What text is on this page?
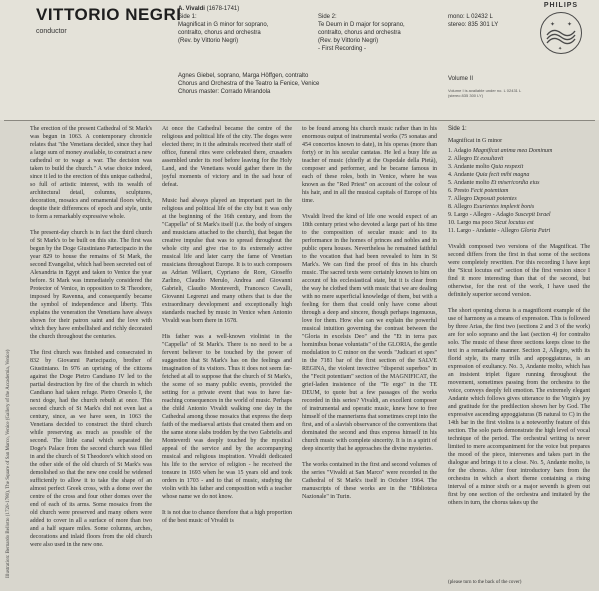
VITTORIO NEGRI
conductor
A. Vivaldi (1678-1741)
Side 1:
Magnificat in G minor for soprano,
contralto, chorus and orchestra
(Rev. by Vittorio Negri)
Side 2:
Te Deum in D major for soprano,
contralto, chorus and orchestra
(Rev. by Vittorio Negri)
- First Recording -
mono: L 02432 L
stereo: 835 301 LY
PHILIPS
✦ ✦
✦
Agnes Giebel, soprano, Marga Höffgen, contralto
Chorus and Orchestra of the Teatro la Fenice, Venice
Chorus master: Corrado Mirandola
Volume II
Volume I is available under no. L 02431 L (stereo 835 300 LY)
Illustration: Bernardo Bellotto (1720-1780), The Square of San Marco, Venice (Gallery of the Accademia, Venice)

The erection of the present Cathedral of St Mark's was begun in 1063. A contemporary chronicle relates that "the Venetians decided, since they had a large sum of money available, to construct a new cathedral or to wage a war. The decision was taken to build the church." A wise choice indeed, since it led to the erection of this unique cathedral, so full of artistic interest, with its wealth of architectural detail, columns, sculptures, decoration, mosaics and ornamental floors which, despite their differences of epoch and style, unite to form a remarkably expressive whole.

The present-day church is in fact the third church of St Mark's to be built on this site. The first was begun by the Doge Giustiniano Partecipazio in the year 829 to house the remains of St Mark, the second Evangelist, which had been secreted out of Alexandria in Egypt and taken to Venice the year before. St Mark was immediately considered the Protector of Venice, in opposition to St Theodore, imposed by Ravenna, and consequently became the symbol of independence and liberty. This explains the veneration the Venetians have always shown for their patron saint and the love with which they have embellished and richly decorated the church throughout the centuries.

The first church was finished and consecrated in 832 by Giovanni Partecipazio, brother of Giustiniano. In 976 an uprising of the citizens against the Doge Pietro Candiano IV led to the partial destruction by fire of the church in which Candiano had taken refuge. Pietro Orseolo I, the next doge, had the church rebuilt at once. This second church of St Mark's did not even last a century, since, as we have seen, in 1063 the Venetians decided to construct the third church while preserving as much as possible of the second. The little canal which separated the Doge's Palace from the second church was filled in and the church of St Theodore's which stood on the other side of the old church of St Mark's was demolished so that the new one could be widened sufficiently to allow it to take the shape of an almost perfect Greek cross, with a dome over the centre of the cross and four other domes over the end of each of its arms. Some mosaics from the old church were preserved and many others were added to cover in all a surface of more than two and a half square miles. Some columns, arches, decorations and inlaid floors from the old church were also used in the new one.

At once the Cathedral became the centre of the religious and political life of the city. The doges were elected there; in it the admirals received their staff of office, funeral rites were celebrated there, crusaders assembled under its roof before leaving for the Holy Land, and the Venetians would gather there in the joyful moments of victory and in the sad hour of defeat.

Music had always played an important part in the religious and political life of the city but it was only at the beginning of the 16th century, and from the "Cappella" of St Mark's itself (i.e. the body of singers and musicians attached to the church), that began the creative impulse that was to spread throughout the whole city and give rise to its extremely active musical life and later carry the fame of Venetian musicians throughout Europe. It is to such composers as Adrian Willaert, Cypriano de Rore, Gioseffo Zarlino, Claudio Merulo, Andrea and Giovanni Gabrieli, Claudio Monteverdi, Francesco Cavalli, Giovanni Legrenzi and many others that is due the extraordinary development and exceptionally high standards reached by music in Venice when Antonio Vivaldi was born there in 1678.

His father was a well-known violinist in the "Cappella" of St Mark's. There is no need to be a fervent believer to be touched by the power of suggestion that St Mark's has on the feelings and imagination of its visitors. Thus it does not seem far-fetched at all to suppose that the church of St Mark's, the scene of so many public events, provided the setting for a private event that was to have far-reaching consequences in the world of music. Perhaps the child Antonio Vivaldi walking one day in the Cathedral among those mosaics that express the deep faith of the mediaeval artists that created them and on the same stone slabs trodden by the two Gabrielis and Monteverdi was deeply touched by the mystical appeal of the service and by the accompanying musical and religious inspiration. Vivaldi dedicated his life to the service of religion - he received the tonsure in 1693 when he was 15 years old and took orders in 1703 - and to that of music, studying the violin with his father and composition with a teacher whose name we do not know.

It is not due to chance therefore that a high proportion of the best music of Vivaldi is

to be found among his church music rather than in his enormous output of instrumental works (75 sonatas and 454 concertos known to date), in his operas (more than forty) or in his secular cantatas. He led a busy life as teacher of music (chiefly at the Ospedale della Pietà), composer and performer, and he became famous in each of these roles, both in Venice, where he was known as the "Red Priest" on account of the colour of his hair, and in all the musical capitals of Europe of his time.

Vivaldi lived the kind of life one would expect of an 18th century priest who devoted a large part of his time to the composition of secular music and to its performance in the homes of princes and nobles and in public opera houses. Nevertheless he remained faithful to the vocation that had been revealed to him in St Mark's. We can find the proof of this in his church music. The sacred texts were certainly known to him on account of his ecclesiastical state, but it is clear from the way he clothed them with music that we are dealing with no mere superficial knowledge of them, but with a feeling for them that could only have come about through a deep and sincere, though perhaps ingenuous, love for them. How else can we explain the powerful musical intuition governing the contrast between the "Gloria in excelsis Deo" and the "Et in terra pax hominibus bonae voluntatis" of the GLORIA, the gentle modulation to C minor on the words "Judicari et spes" in the 7181 bar of the first section of the SALVE REGINA, the violent invective "dispersit superbos" in the "Fecit potentiam" section of the MAGNIFICAT, the grief-laden insistence of the "Te ergo" in the TE DEUM, to quote but a few passages of the works recorded in this series? Vivaldi, an excellent composer of instrumental and operatic music, knew how to free himself of the mannerisms that sometimes crept into the first, and of a slavish observance of the conventions that dominated the second and thus express himself in his church music with complete sincerity. It is in a spirit of deep sincerity that he approaches the divine mysteries.

The works contained in the first and second volumes of the series "Vivaldi at San Marco" were recorded in the Cathedral of St Mark's itself in October 1964. The manuscripts of these works are in the "Biblioteca Nazionale" in Turin.

Side 1:
Magnificat in G minor
1. Adagio Magnificat anima mea Dominum
2. Allegro Et exsultavit
3. Andante molto Quia respexit
4. Andante Quia fecit mihi magna
5. Andante molto Et misericordia eius
6. Presto Fecit potentiam
7. Allegro Deposuit potentes
8. Allegro Esurientes implevit bonis
9. Largo - Allegro - Adagio Suscepit Israel
10. Largo ma poco Sicut locutus est
11. Largo - Andante - Allegro Gloria Patri

Vivaldi composed two versions of the Magnificat. The second differs from the first in that some of the sections were completely rewritten. For this recording I have kept the "Sicut locutus est" section of the first version since I find it more interesting than that of the second, but otherwise, for the rest of the work, I have used the definitely superior second version.

The short opening chorus is a magnificent example of the use of harmony as a means of expression. This is followed by three Arias, the first two (sections 2 and 3 of the work) are for solo soprano and the last (section 4) for contralto solo. The music of these three sections keeps close to the text in a remarkable manner. Section 2, Allegro, with its florid style, its many trills and appoggiaturas, is an expression of exultancy. No. 3, Andante molto, which has an insistent triplet figure running throughout the movement, sometimes passing from the orchestra to the voice, conveys deeply felt emotion. The extremely elegant Andante which follows gives utterance to the Virgin's joy and gratitude for the predilection shown her by God. The expressive ascending appoggiaturas (B natural to C) in the 14th bar in the first violins is a noteworthy feature of this section. The solo parts demonstrate the high level of vocal technique of the period. The orchestral writing is never limited to mere accompaniment for the voice but prepares the mood of the piece, intervenes and takes part in the dialogue and brings it to a close. No. 5, Andante molto, is for the chorus. After four introductory bars from the orchestra in which a short theme containing a rising interval of a minor sixth or a major seventh is given out first by one section of the orchestra and imitated by the others in turn, the chorus takes up the

(please turn to the back of the cover)
